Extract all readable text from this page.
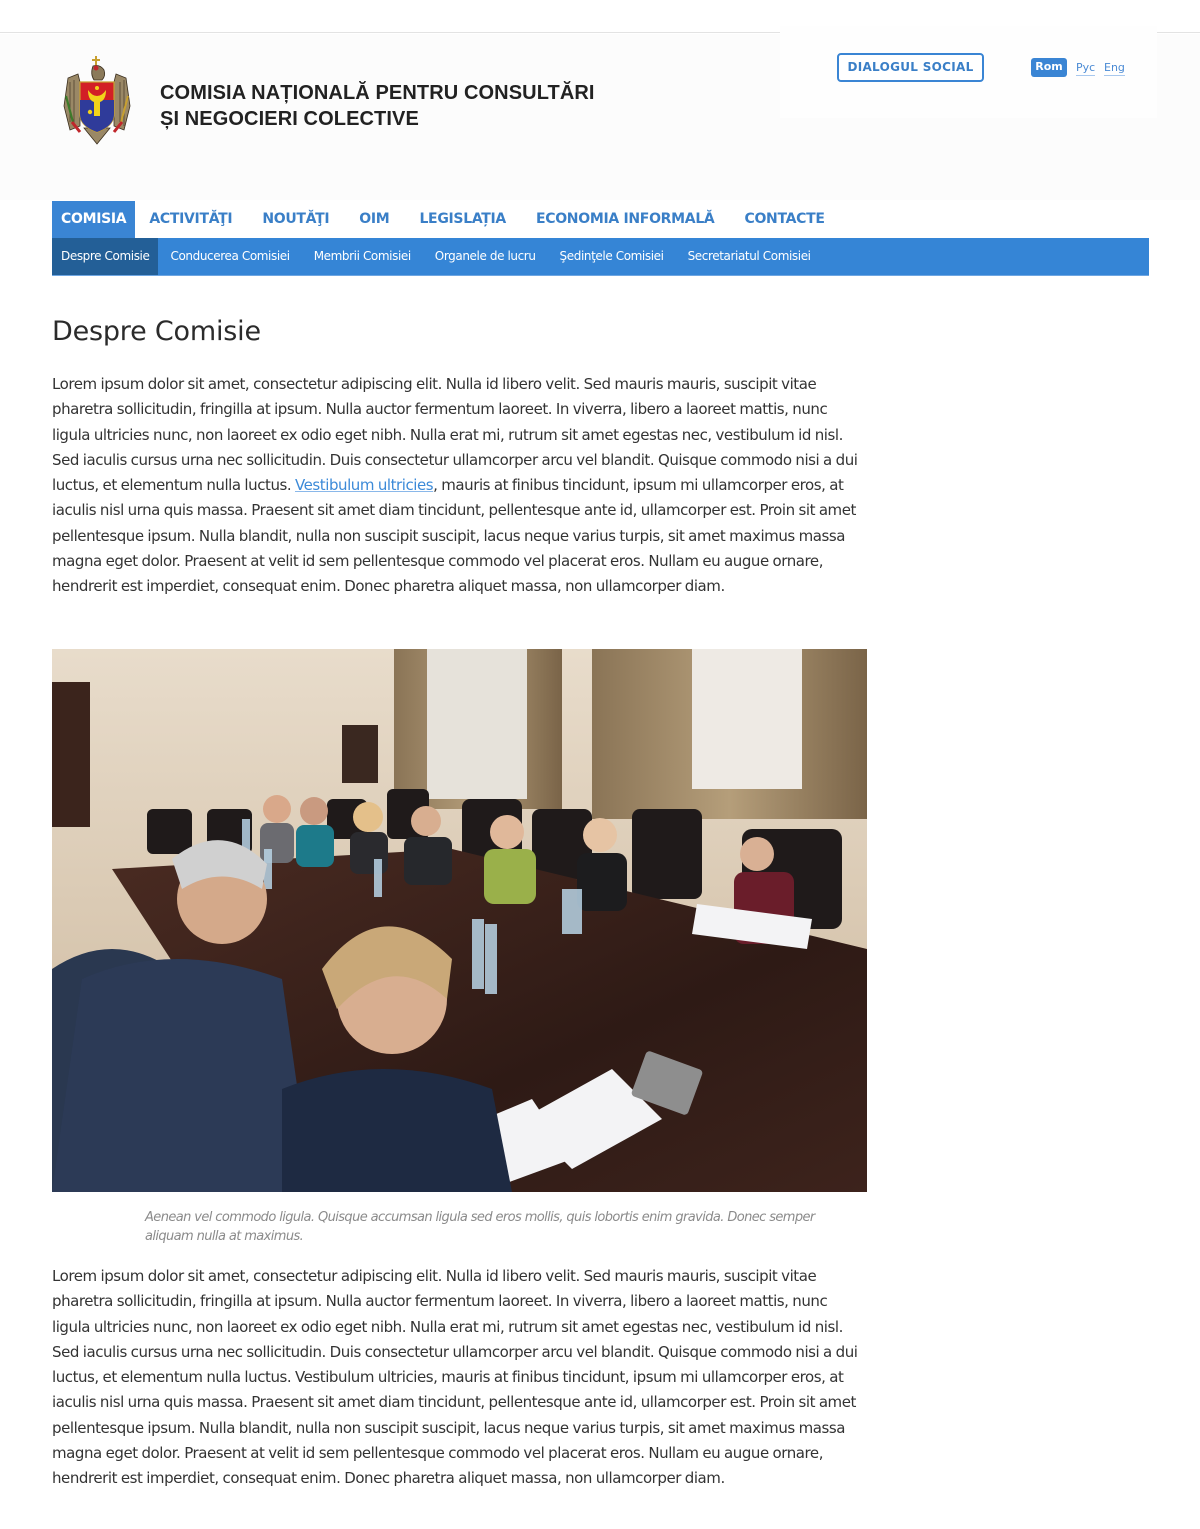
COMISIA NAȚIONALĂ PENTRU CONSULTĂRI
ȘI NEGOCIERI COLECTIVE
DIALOGUL SOCIAL	Rom	Рус Eng
COMISIA	ACTIVITĂŢI	NOUTĂŢI	OIM	LEGISLAȚIA	ECONOMIA INFORMALĂ	CONTACTE
Despre Comisie	Conducerea Comisiei	Membrii Comisiei	Organele de lucru	Şedinţele Comisiei	Secretariatul Comisiei
Despre Comisie

Lorem ipsum dolor sit amet, consectetur adipiscing elit. Nulla id libero velit. Sed mauris mauris, suscipit vitae pharetra sollicitudin, fringilla at ipsum. Nulla auctor fermentum laoreet. In viverra, libero a laoreet mattis, nunc ligula ultricies nunc, non laoreet ex odio eget nibh. Nulla erat mi, rutrum sit amet egestas nec, vestibulum id nisl. Sed iaculis cursus urna nec sollicitudin. Duis consectetur ullamcorper arcu vel blandit. Quisque commodo nisi a dui luctus, et elementum nulla luctus. Vestibulum ultricies, mauris at finibus tincidunt, ipsum mi ullamcorper eros, at iaculis nisl urna quis massa. Praesent sit amet diam tincidunt, pellentesque ante id, ullamcorper est. Proin sit amet pellentesque ipsum. Nulla blandit, nulla non suscipit suscipit, lacus neque varius turpis, sit amet maximus massa magna eget dolor. Praesent at velit id sem pellentesque commodo vel placerat eros. Nullam eu augue ornare, hendrerit est imperdiet, consequat enim. Donec pharetra aliquet massa, non ullamcorper diam.

Aenean vel commodo ligula. Quisque accumsan ligula sed eros mollis, quis lobortis enim gravida. Donec semper aliquam nulla at maximus.

Lorem ipsum dolor sit amet, consectetur adipiscing elit. Nulla id libero velit. Sed mauris mauris, suscipit vitae pharetra sollicitudin, fringilla at ipsum. Nulla auctor fermentum laoreet. In viverra, libero a laoreet mattis, nunc ligula ultricies nunc, non laoreet ex odio eget nibh. Nulla erat mi, rutrum sit amet egestas nec, vestibulum id nisl. Sed iaculis cursus urna nec sollicitudin. Duis consectetur ullamcorper arcu vel blandit. Quisque commodo nisi a dui luctus, et elementum nulla luctus. Vestibulum ultricies, mauris at finibus tincidunt, ipsum mi ullamcorper eros, at iaculis nisl urna quis massa. Praesent sit amet diam tincidunt, pellentesque ante id, ullamcorper est. Proin sit amet pellentesque ipsum. Nulla blandit, nulla non suscipit suscipit, lacus neque varius turpis, sit amet maximus massa magna eget dolor. Praesent at velit id sem pellentesque commodo vel placerat eros. Nullam eu augue ornare, hendrerit est imperdiet, consequat enim. Donec pharetra aliquet massa, non ullamcorper diam.
